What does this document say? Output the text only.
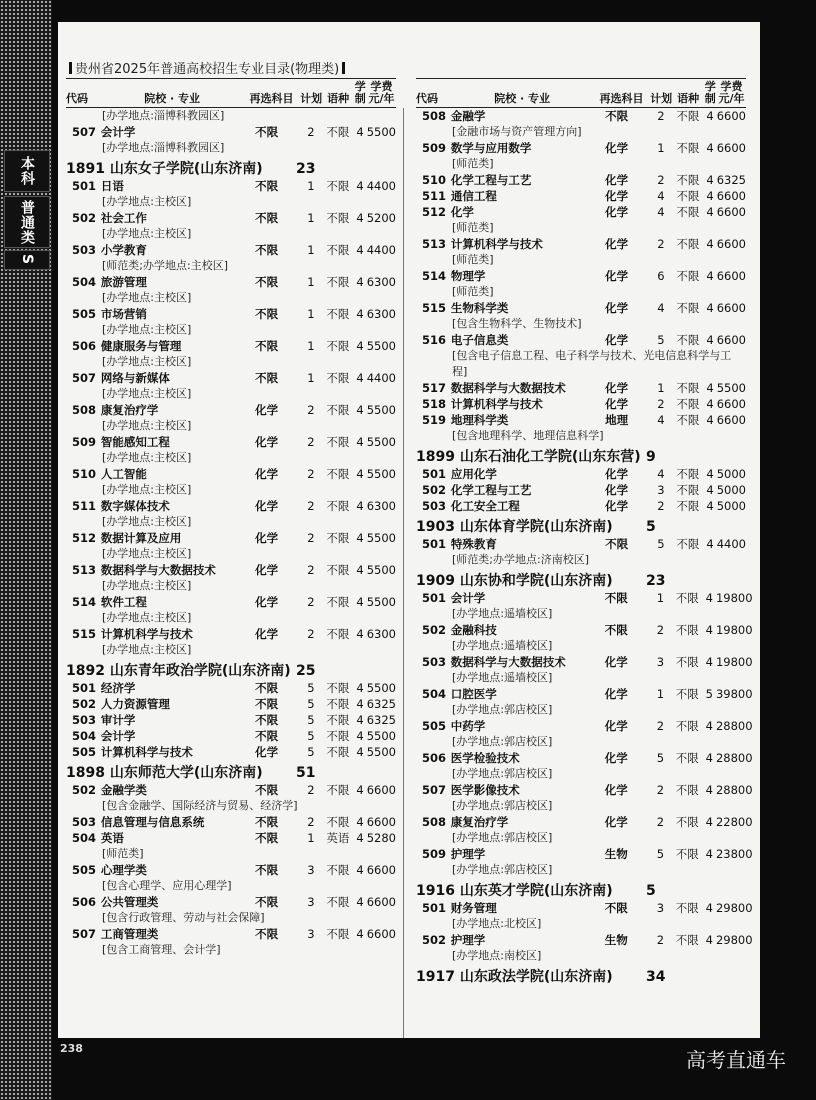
本科
普通类
S
贵州省2025年普通高校招生专业目录(物理类)
代码	院校 · 专业	再选科目 计划 语种
学制
学费元/年
[办学地点:淄博科教园区]
507 会计学	不限	2	不限 4 5500
[办学地点:淄博科教园区]
1891 山东女子学院(山东济南)	23
501 日语	不限	1	不限 4 4400
[办学地点:主校区]
502 社会工作	不限	1	不限 4 5200
[办学地点:主校区]
503 小学教育	不限	1	不限 4 4400
[师范类;办学地点:主校区]
504 旅游管理	不限	1	不限 4 6300
[办学地点:主校区]
505 市场营销	不限	1	不限 4 6300
[办学地点:主校区]
506 健康服务与管理	不限	1	不限 4 5500
[办学地点:主校区]
507 网络与新媒体	不限	1	不限 4 4400
[办学地点:主校区]
508 康复治疗学	化学	2	不限 4 5500
[办学地点:主校区]
509 智能感知工程	化学	2	不限 4 5500
[办学地点:主校区]
510 人工智能	化学	2	不限 4 5500
[办学地点:主校区]
511 数字媒体技术	化学	2	不限 4 6300
[办学地点:主校区]
512 数据计算及应用	化学	2	不限 4 5500
[办学地点:主校区]
513 数据科学与大数据技术	化学	2	不限 4 5500
[办学地点:主校区]
514 软件工程	化学	2	不限 4 5500
[办学地点:主校区]
515 计算机科学与技术	化学	2	不限 4 6300
[办学地点:主校区]
1892 山东青年政治学院(山东济南) 25
501 经济学	不限	5	不限 4 5500
502 人力资源管理	不限	5	不限 4 6325
503 审计学	不限	5	不限 4 6325
504 会计学	不限	5	不限 4 5500
505 计算机科学与技术	化学	5	不限 4 5500
1898 山东师范大学(山东济南)	51
502 金融学类	不限	2	不限 4 6600
[包含金融学、国际经济与贸易、经济学]
503 信息管理与信息系统	不限	2	不限 4 6600
504 英语	不限	1	英语 4 5280
[师范类]
505 心理学类	不限	3	不限 4 6600
[包含心理学、应用心理学]
506 公共管理类	不限	3	不限 4 6600
[包含行政管理、劳动与社会保障]
507 工商管理类	不限	3	不限 4 6600
[包含工商管理、会计学]
代码	院校 · 专业	再选科目 计划 语种
学制
学费元/年
508 金融学	不限	2	不限 4 6600
[金融市场与资产管理方向]
509 数学与应用数学	化学	1	不限 4 6600
[师范类]
510 化学工程与工艺	化学	2	不限 4 6325
511 通信工程	化学	4	不限 4 6600
512 化学	化学	4	不限 4 6600
[师范类]
513 计算机科学与技术	化学	2	不限 4 6600
[师范类]
514 物理学	化学	6	不限 4 6600
[师范类]
515 生物科学类	化学	4	不限 4 6600
[包含生物科学、生物技术]
516 电子信息类	化学	5	不限 4 6600
[包含电子信息工程、电子科学与技术、光电信息科学与工程]
517 数据科学与大数据技术	化学	1	不限 4 5500
518 计算机科学与技术	化学	2	不限 4 6600
519 地理科学类	地理	4	不限 4 6600
[包含地理科学、地理信息科学]
1899 山东石油化工学院(山东东营) 9
501 应用化学	化学	4	不限 4 5000
502 化学工程与工艺	化学	3	不限 4 5000
503 化工安全工程	化学	2	不限 4 5000
1903 山东体育学院(山东济南)	5
501 特殊教育	不限	5	不限 4 4400
[师范类;办学地点:济南校区]
1909 山东协和学院(山东济南)	23
501 会计学	不限	1	不限 4 19800
[办学地点:遥墙校区]
502 金融科技	不限	2	不限 4 19800
[办学地点:遥墙校区]
503 数据科学与大数据技术	化学	3	不限 4 19800
[办学地点:遥墙校区]
504 口腔医学	化学	1	不限 5 39800
[办学地点:郭店校区]
505 中药学	化学	2	不限 4 28800
[办学地点:郭店校区]
506 医学检验技术	化学	5	不限 4 28800
[办学地点:郭店校区]
507 医学影像技术	化学	2	不限 4 28800
[办学地点:郭店校区]
508 康复治疗学	化学	2	不限 4 22800
[办学地点:郭店校区]
509 护理学	生物	5	不限 4 23800
[办学地点:郭店校区]
1916 山东英才学院(山东济南)	5
501 财务管理	不限	3	不限 4 29800
[办学地点:北校区]
502 护理学	生物	2	不限 4 29800
[办学地点:南校区]
1917 山东政法学院(山东济南)	34
238	高考直通车
